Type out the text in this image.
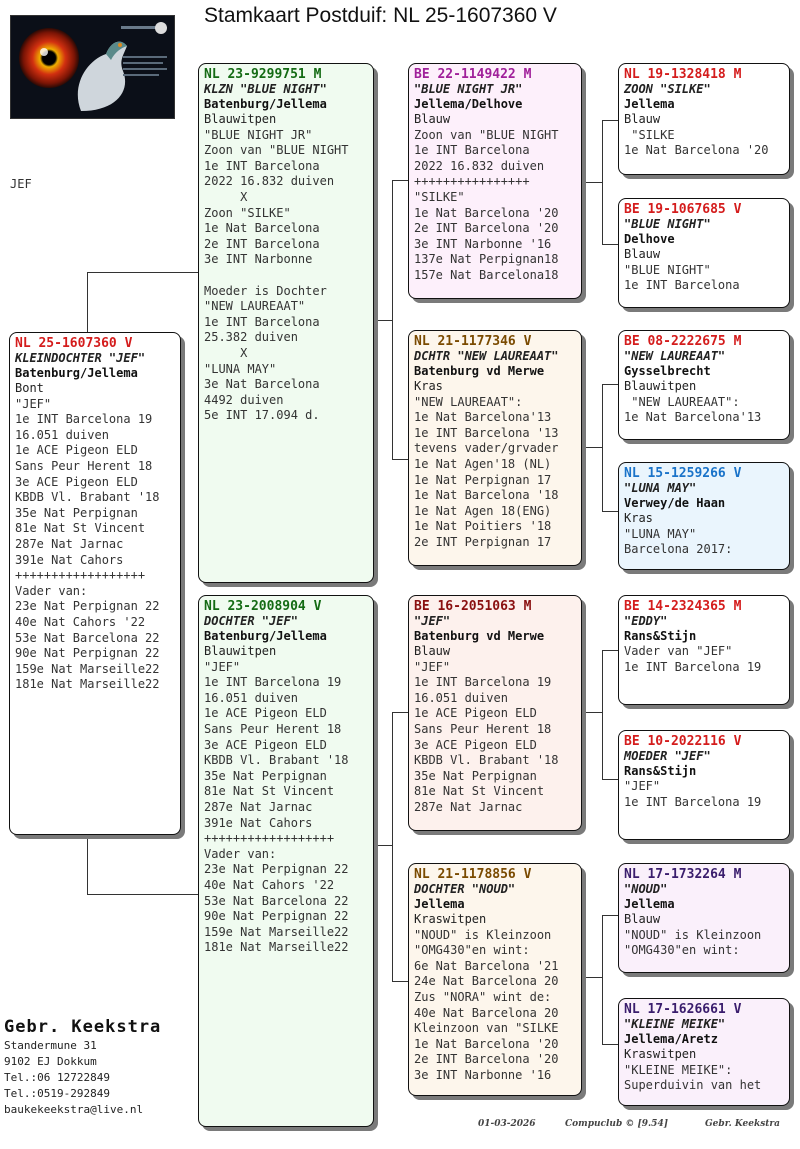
Stamkaart Postduif: NL 25-1607360 V
JEF
NL 25-1607360 V
KLEINDOCHTER "JEF"
Batenburg/Jellema
Bont
"JEF"
1e INT Barcelona 19
16.051 duiven
1e ACE Pigeon ELD
Sans Peur Herent 18
3e ACE Pigeon ELD
KBDB Vl. Brabant '18
35e Nat Perpignan
81e Nat St Vincent
287e Nat Jarnac
391e Nat Cahors
++++++++++++++++++
Vader van:
23e Nat Perpignan 22
40e Nat Cahors '22
53e Nat Barcelona 22
90e Nat Perpignan 22
159e Nat Marseille22
181e Nat Marseille22
NL 23-9299751 M
KLZN "BLUE NIGHT"
Batenburg/Jellema
Blauwitpen
"BLUE NIGHT JR"
Zoon van "BLUE NIGHT
1e INT Barcelona
2022 16.832 duiven
X
Zoon "SILKE"
1e Nat Barcelona
2e INT Barcelona
3e INT Narbonne
Moeder is Dochter
"NEW LAUREAAT"
1e INT Barcelona
25.382 duiven
X
"LUNA MAY"
3e Nat Barcelona
4492 duiven
5e INT 17.094 d.
NL 23-2008904 V
DOCHTER "JEF"
Batenburg/Jellema
Blauwitpen
"JEF"
1e INT Barcelona 19
16.051 duiven
1e ACE Pigeon ELD
Sans Peur Herent 18
3e ACE Pigeon ELD
KBDB Vl. Brabant '18
35e Nat Perpignan
81e Nat St Vincent
287e Nat Jarnac
391e Nat Cahors
++++++++++++++++++
Vader van:
23e Nat Perpignan 22
40e Nat Cahors '22
53e Nat Barcelona 22
90e Nat Perpignan 22
159e Nat Marseille22
181e Nat Marseille22
BE 22-1149422 M
"BLUE NIGHT JR"
Jellema/Delhove
Blauw
Zoon van "BLUE NIGHT
1e INT Barcelona
2022 16.832 duiven
++++++++++++++++
"SILKE"
1e Nat Barcelona '20
2e INT Barcelona '20
3e INT Narbonne '16
137e Nat Perpignan18
157e Nat Barcelona18
NL 21-1177346 V
DCHTR "NEW LAUREAAT"
Batenburg vd Merwe
Kras
"NEW LAUREAAT":
1e Nat Barcelona'13
1e INT Barcelona '13
tevens vader/grvader
1e Nat Agen'18 (NL)
1e Nat Perpignan 17
1e Nat Barcelona '18
1e Nat Agen 18(ENG)
1e Nat Poitiers '18
2e INT Perpignan 17
BE 16-2051063 M
"JEF"
Batenburg vd Merwe
Blauw
"JEF"
1e INT Barcelona 19
16.051 duiven
1e ACE Pigeon ELD
Sans Peur Herent 18
3e ACE Pigeon ELD
KBDB Vl. Brabant '18
35e Nat Perpignan
81e Nat St Vincent
287e Nat Jarnac
NL 21-1178856 V
DOCHTER "NOUD"
Jellema
Kraswitpen
"NOUD" is Kleinzoon
"OMG430"en wint:
6e Nat Barcelona '21
24e Nat Barcelona 20
Zus "NORA" wint de:
40e Nat Barcelona 20
Kleinzoon van "SILKE
1e Nat Barcelona '20
2e INT Barcelona '20
3e INT Narbonne '16
NL 19-1328418 M
ZOON "SILKE"
Jellema
Blauw
"SILKE
1e Nat Barcelona '20
BE 19-1067685 V
"BLUE NIGHT"
Delhove
Blauw
"BLUE NIGHT"
1e INT Barcelona
BE 08-2222675 M
"NEW LAUREAAT"
Gysselbrecht
Blauwitpen
"NEW LAUREAAT":
1e Nat Barcelona'13
NL 15-1259266 V
"LUNA MAY"
Verwey/de Haan
Kras
"LUNA MAY"
Barcelona 2017:
BE 14-2324365 M
"EDDY"
Rans&Stijn
Vader van "JEF"
1e INT Barcelona 19
BE 10-2022116 V
MOEDER "JEF"
Rans&Stijn
"JEF"
1e INT Barcelona 19
NL 17-1732264 M
"NOUD"
Jellema
Blauw
"NOUD" is Kleinzoon
"OMG430"en wint:
NL 17-1626661 V
"KLEINE MEIKE"
Jellema/Aretz
Kraswitpen
"KLEINE MEIKE":
Superduivin van het
Gebr. Keekstra
Standermune 31
9102 EJ Dokkum
Tel.:06 12722849
Tel.:0519-292849
baukekeekstra@live.nl
01-03-2026	Compuclub © [9.54]	Gebr. Keekstra
